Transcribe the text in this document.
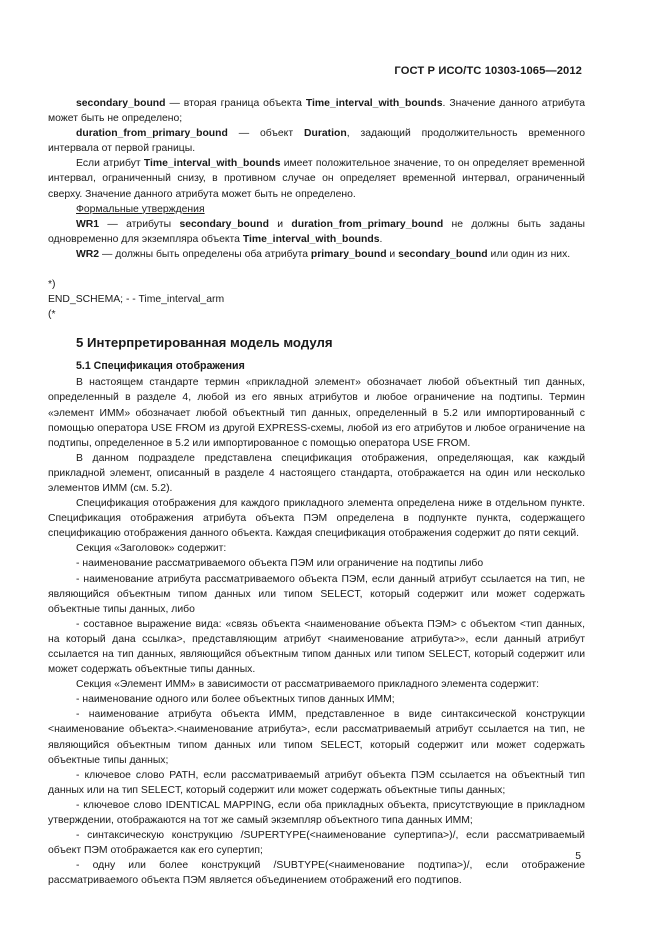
ГОСТ Р ИСО/ТС 10303-1065—2012

secondary_bound — вторая граница объекта Time_interval_with_bounds. Значение данного атрибута может быть не определено;

duration_from_primary_bound — объект Duration, задающий продолжительность временного интервала от первой границы.

Если атрибут Time_interval_with_bounds имеет положительное значение, то он определяет временной интервал, ограниченный снизу, в противном случае он определяет временной интервал, ограниченный сверху. Значение данного атрибута может быть не определено.

Формальные утверждения

WR1 — атрибуты secondary_bound и duration_from_primary_bound не должны быть заданы одновременно для экземпляра объекта Time_interval_with_bounds.

WR2 — должны быть определены оба атрибута primary_bound и secondary_bound или один из них.

*)

END_SCHEMA; - - Time_interval_arm

(*

5 Интерпретированная модель модуля
5.1 Спецификация отображения

В настоящем стандарте термин «прикладной элемент» обозначает любой объектный тип данных, определенный в разделе 4, любой из его явных атрибутов и любое ограничение на подтипы. Термин «элемент ИММ» обозначает любой объектный тип данных, определенный в 5.2 или импортированный с помощью оператора USE FROM из другой EXPRESS-схемы, любой из его атрибутов и любое ограничение на подтипы, определенное в 5.2 или импортированное с помощью оператора USE FROM.

В данном подразделе представлена спецификация отображения, определяющая, как каждый прикладной элемент, описанный в разделе 4 настоящего стандарта, отображается на один или несколько элементов ИММ (см. 5.2).

Спецификация отображения для каждого прикладного элемента определена ниже в отдельном пункте. Спецификация отображения атрибута объекта ПЭМ определена в подпункте пункта, содержащего спецификацию отображения данного объекта. Каждая спецификация отображения содержит до пяти секций.

Секция «Заголовок» содержит:

- наименование рассматриваемого объекта ПЭМ или ограничение на подтипы либо

- наименование атрибута рассматриваемого объекта ПЭМ, если данный атрибут ссылается на тип, не являющийся объектным типом данных или типом SELECT, который содержит или может содержать объектные типы данных, либо

- составное выражение вида: «связь объекта <наименование объекта ПЭМ> с объектом <тип данных, на который дана ссылка>, представляющим атрибут <наименование атрибута>», если данный атрибут ссылается на тип данных, являющийся объектным типом данных или типом SELECT, который содержит или может содержать объектные типы данных.

Секция «Элемент ИММ» в зависимости от рассматриваемого прикладного элемента содержит:

- наименование одного или более объектных типов данных ИММ;

- наименование атрибута объекта ИММ, представленное в виде синтаксической конструкции <наименование объекта>.<наименование атрибута>, если рассматриваемый атрибут ссылается на тип, не являющийся объектным типом данных или типом SELECT, который содержит или может содержать объектные типы данных;

- ключевое слово PATH, если рассматриваемый атрибут объекта ПЭМ ссылается на объектный тип данных или на тип SELECT, который содержит или может содержать объектные типы данных;

- ключевое слово IDENTICAL MAPPING, если оба прикладных объекта, присутствующие в прикладном утверждении, отображаются на тот же самый экземпляр объектного типа данных ИММ;

- синтаксическую конструкцию /SUPERTYPE(<наименование супертипа>)/, если рассматриваемый объект ПЭМ отображается как его супертип;

- одну или более конструкций /SUBTYPE(<наименование подтипа>)/, если отображение рассматриваемого объекта ПЭМ является объединением отображений его подтипов.

5
